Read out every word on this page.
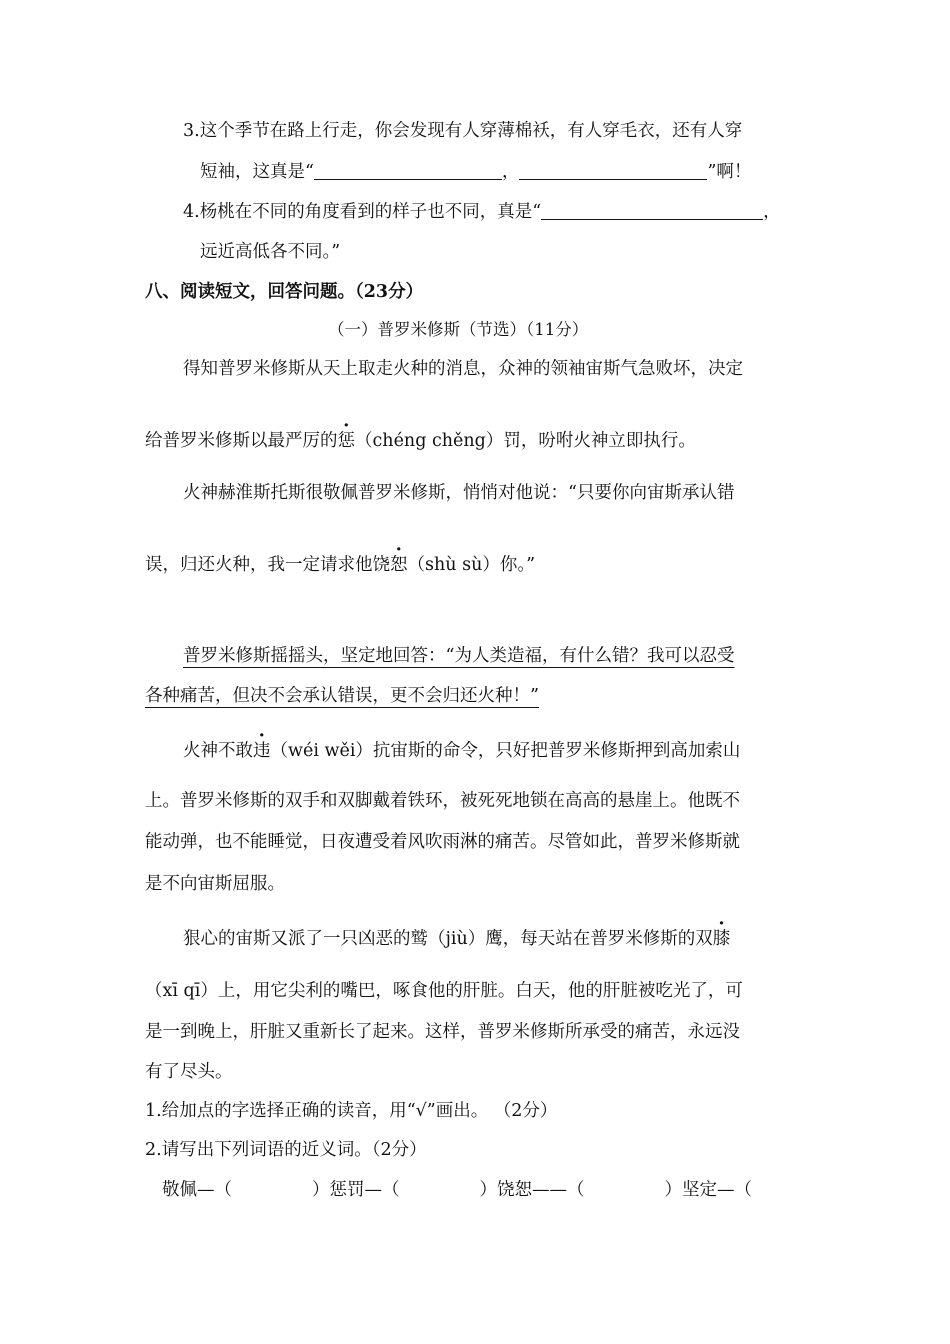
3.这个季节在路上行走，你会发现有人穿薄棉袄，有人穿毛衣，还有人穿
短袖，这真是“	，	”啊！
4.杨桃在不同的角度看到的样子也不同，真是“	，
远近高低各不同。”
八、阅读短文，回答问题。（23分）
（一）普罗米修斯（节选）（11分）
得知普罗米修斯从天上取走火种的消息，众神的领袖宙斯气急败坏，决定
给普罗米修斯以最严厉的惩（chéng chěng）罚，吩咐火神立即执行。
火神赫淮斯托斯很敬佩普罗米修斯，悄悄对他说：“只要你向宙斯承认错
误，归还火种，我一定请求他饶恕（shù sù）你。”
普罗米修斯摇摇头，坚定地回答：“为人类造福，有什么错？我可以忍受
各种痛苦，但决不会承认错误，更不会归还火种！”
火神不敢违（wéi wěi）抗宙斯的命令，只好把普罗米修斯押到高加索山
上。普罗米修斯的双手和双脚戴着铁环，被死死地锁在高高的悬崖上。他既不
能动弹，也不能睡觉，日夜遭受着风吹雨淋的痛苦。尽管如此，普罗米修斯就
是不向宙斯屈服。
狠心的宙斯又派了一只凶恶的鹫（jiù）鹰，每天站在普罗米修斯的双膝
（xī qī）上，用它尖利的嘴巴，啄食他的肝脏。白天，他的肝脏被吃光了，可
是一到晚上，肝脏又重新长了起来。这样，普罗米修斯所承受的痛苦，永远没
有了尽头。
1.给加点的字选择正确的读音，用“√”画出。 （2分）
2.请写出下列词语的近义词。（2分）
敬佩—（	）惩罚—（	）饶恕——（	）坚定—（
